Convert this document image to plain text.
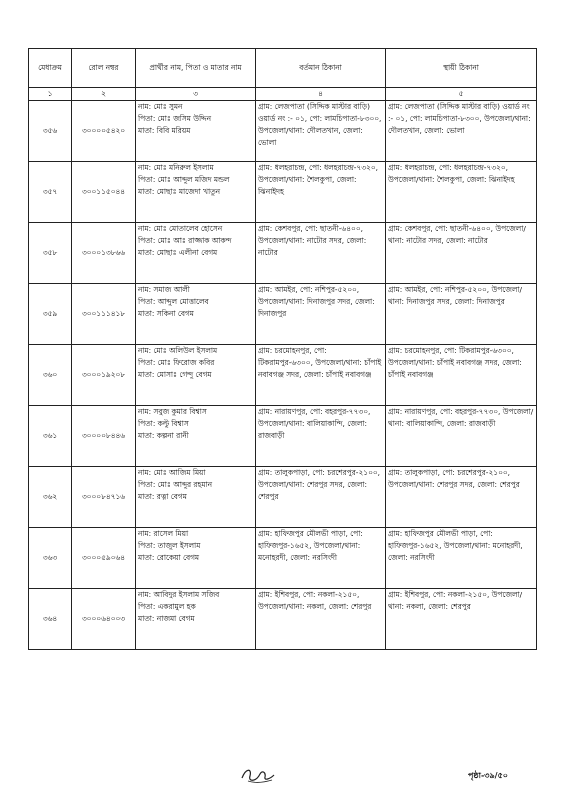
মেধাক্রম	রোল নম্বর	প্রার্থীর নাম, পিতা ও মাতার নাম	বর্তমান ঠিকানা	স্থায়ী ঠিকানা
১	২	৩	৪	৫
৩৫৬	৩০০০০৫৪২০	নাম: মোঃ সুমন
পিতা: মোঃ জসিম উদ্দিন
মাতা: বিবি মরিয়ম	গ্রাম: লেজপাতা (সিদ্দিক মাস্টার বাড়ি) ওয়ার্ড নং :- ০১, পো: লামচিপাতা-৮৩০০, উপজেলা/থানা: দৌলতখান, জেলা: ভোলা	গ্রাম: লেজপাতা (সিদ্দিক মাস্টার বাড়ি) ওয়ার্ড নং :- ০১, পো: লামচিপাতা-৮৩০০, উপজেলা/থানা: দৌলতখান, জেলা: ভোলা
৩৫৭	৩০০১১৫০৪৪	নাম: মোঃ মনিরুল ইসলাম
পিতা: মোঃ আব্দুল মজিদ মন্ডল
মাতা: মোছাঃ মাজেদা খাতুন	গ্রাম: ধলহরাচন্দ্র, পো: ধলহরাচন্দ্র-৭৩২০, উপজেলা/থানা: শৈলকুপা, জেলা: ঝিনাইদহ	গ্রাম: ধলহরাচন্দ্র, পো: ধলহরাচন্দ্র-৭৩২০, উপজেলা/থানা: শৈলকুপা, জেলা: ঝিনাইদহ
৩৫৮	৩০০০১৩৮৬৬	নাম: মোঃ মোতালেব হোসেন
পিতা: মোঃ আঃ রাজ্জাক আকন্দ
মাতা: মোছাঃ এলীনা বেগম	গ্রাম: কেশবপুর, পো: ছাতনী-৬৪০০, উপজেলা/থানা: নাটোর সদর, জেলা: নাটোর	গ্রাম: কেশবপুর, পো: ছাতনী-৬৪০০, উপজেলা/থানা: নাটোর সদর, জেলা: নাটোর
৩৫৯	৩০০১১১৪১৮	নাম: সমাজ আলী
পিতা: আব্দুল মোত্তালেব
মাতা: সকিনা বেগম	গ্রাম: আমইর, পো: নশিপুর-৫২০০, উপজেলা/থানা: দিনাজপুর সদর, জেলা: দিনাজপুর	গ্রাম: আমইর, পো: নশিপুর-৫২০০, উপজেলা/থানা: দিনাজপুর সদর, জেলা: দিনাজপুর
৩৬০	৩০০০১৯২০৮	নাম: মোঃ অলিউল ইসলাম
পিতা: মোঃ ফিরোজ কবির
মাতা: মোসাঃ গেন্দু বেগম	গ্রাম: চরমোহনপুর, পো: টিকরামপুর-৬৩০০, উপজেলা/থানা: চাঁপাই নবাবগঞ্জ সদর, জেলা: চাঁপাই নবাবগঞ্জ	গ্রাম: চরমোহনপুর, পো: টিকরামপুর-৬৩০০, উপজেলা/থানা: চাঁপাই নবাবগঞ্জ সদর, জেলা: চাঁপাই নবাবগঞ্জ
৩৬১	৩০০০০৮৪৪৬	নাম: সবুজ কুমার বিশ্বাস
পিতা: কল্টু বিশ্বাস
মাতা: কল্পনা রানী	গ্রাম: নারায়ণপুর, পো: বহরপুর-৭৭৩০, উপজেলা/থানা: বালিয়াকান্দি, জেলা: রাজবাড়ী	গ্রাম: নারায়ণপুর, পো: বহরপুর-৭৭৩০, উপজেলা/থানা: বালিয়াকান্দি, জেলা: রাজবাড়ী
৩৬২	৩০০০৮৪৭১৬	নাম: মোঃ আজিম মিয়া
পিতা: মোঃ আব্দুর রহমান
মাতা: রত্না বেগম	গ্রাম: তালুকপাড়া, পো: চরশেরপুর-২১০০, উপজেলা/থানা: শেরপুর সদর, জেলা: শেরপুর	গ্রাম: তালুকপাড়া, পো: চরশেরপুর-২১০০, উপজেলা/থানা: শেরপুর সদর, জেলা: শেরপুর
৩৬৩	৩০০০৫৯০৬৪	নাম: রাসেল মিয়া
পিতা: তাজুল ইসলাম
মাতা: রোকেয়া বেগম	গ্রাম: হাফিজপুর মৌলভী পাড়া, পো: হাফিজপুর-১৬৫২, উপজেলা/থানা: মনোহরদী, জেলা: নরসিংদী	গ্রাম: হাফিজপুর মৌলভী পাড়া, পো: হাফিজপুর-১৬৫২, উপজেলা/থানা: মনোহরদী, জেলা: নরসিংদী
৩৬৪	৩০০০৬৪০০৩	নাম: আবিদুর ইসলাম সজিব
পিতা: একরামুল হক
মাতা: নাজমা বেগম	গ্রাম: ইশিবপুর, পো: নকলা-২১৫০, উপজেলা/থানা: নকলা, জেলা: শেরপুর	গ্রাম: ইশিবপুর, পো: নকলা-২১৫০, উপজেলা/থানা: নকলা, জেলা: শেরপুর
পৃষ্ঠা-৩৯/৫০
